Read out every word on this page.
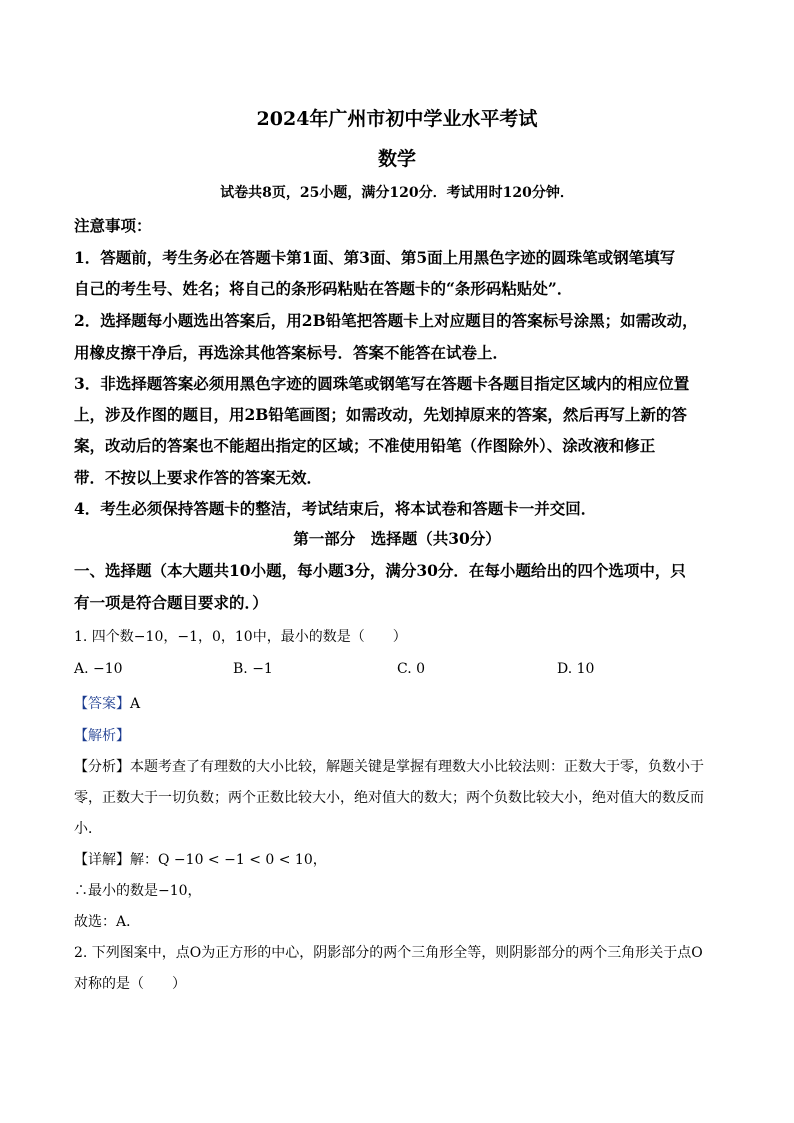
2024年广州市初中学业水平考试
数学
试卷共8页，25小题，满分120分．考试用时120分钟．
注意事项：
1．答题前，考生务必在答题卡第1面、第3面、第5面上用黑色字迹的圆珠笔或钢笔填写
自己的考生号、姓名；将自己的条形码粘贴在答题卡的“条形码粘贴处”．
2．选择题每小题选出答案后，用2B铅笔把答题卡上对应题目的答案标号涂黑；如需改动，
用橡皮擦干净后，再选涂其他答案标号．答案不能答在试卷上．
3．非选择题答案必须用黑色字迹的圆珠笔或钢笔写在答题卡各题目指定区域内的相应位置
上，涉及作图的题目，用2B铅笔画图；如需改动，先划掉原来的答案，然后再写上新的答
案，改动后的答案也不能超出指定的区域；不准使用铅笔（作图除外）、涂改液和修正
带．不按以上要求作答的答案无效．
4．考生必须保持答题卡的整洁，考试结束后，将本试卷和答题卡一并交回．
第一部分　选择题（共30分）
一、选择题（本大题共10小题，每小题3分，满分30分．在每小题给出的四个选项中，只
有一项是符合题目要求的．）
1. 四个数−10，−1，0，10中，最小的数是（　　）
A. −10	B. −1	C. 0	D. 10
【答案】A
【解析】
【分析】本题考查了有理数的大小比较，解题关键是掌握有理数大小比较法则：正数大于零，负数小于
零，正数大于一切负数；两个正数比较大小，绝对值大的数大；两个负数比较大小，绝对值大的数反而
小．
【详解】解：Q −10 < −1 < 0 < 10，
∴最小的数是−10，
故选：A．
2. 下列图案中，点O为正方形的中心，阴影部分的两个三角形全等，则阴影部分的两个三角形关于点O
对称的是（　　）
